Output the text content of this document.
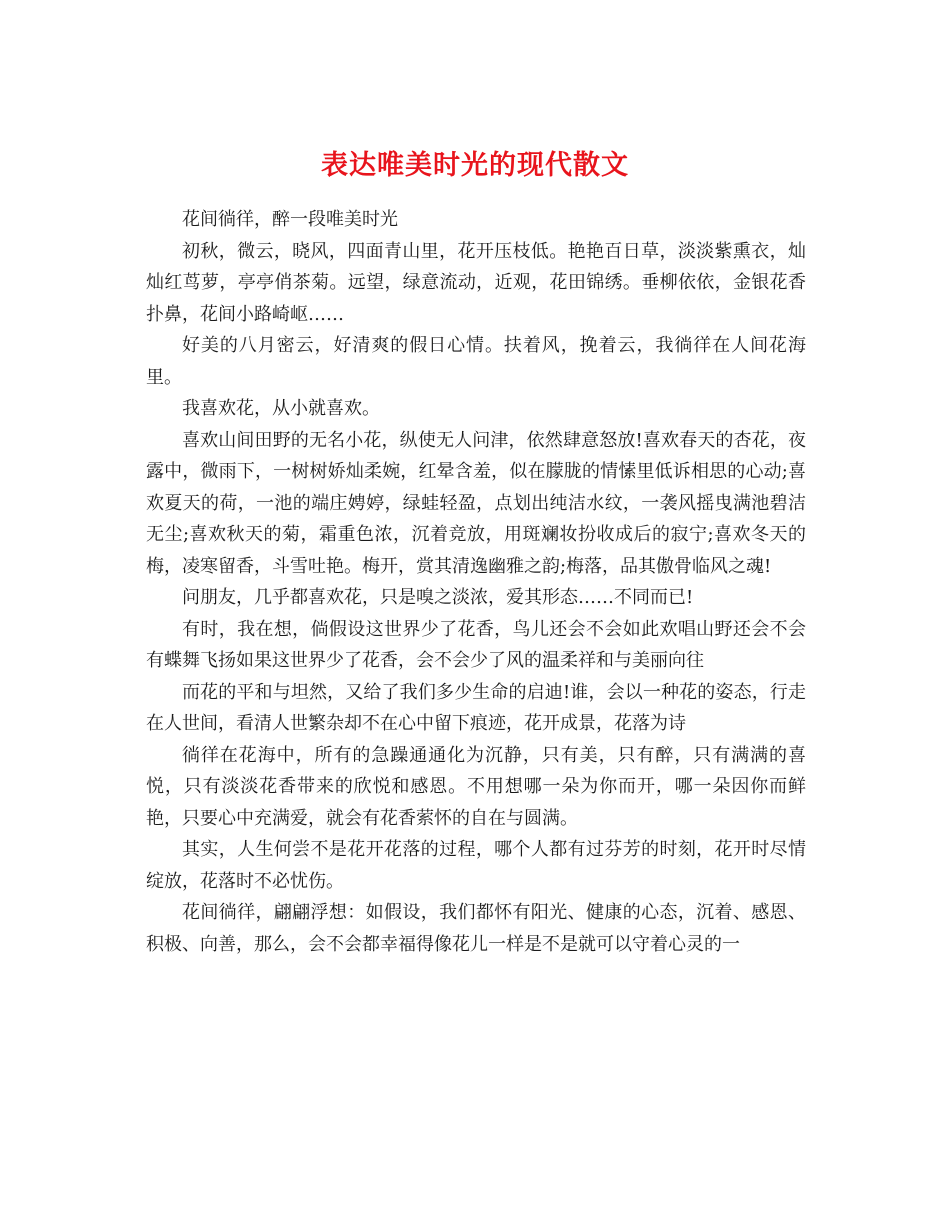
表达唯美时光的现代散文

花间徜徉，醉一段唯美时光

初秋，微云，晓风，四面青山里，花开压枝低。艳艳百日草，淡淡紫熏衣，灿灿红茑萝，亭亭俏茶菊。远望，绿意流动，近观，花田锦绣。垂柳依依，金银花香扑鼻，花间小路崎岖……

好美的八月密云，好清爽的假日心情。扶着风，挽着云，我徜徉在人间花海里。

我喜欢花，从小就喜欢。

喜欢山间田野的无名小花，纵使无人问津，依然肆意怒放!喜欢春天的杏花，夜露中，微雨下，一树树娇灿柔婉，红晕含羞，似在朦胧的情愫里低诉相思的心动;喜欢夏天的荷，一池的端庄娉婷，绿蛙轻盈，点划出纯洁水纹，一袭风摇曳满池碧洁无尘;喜欢秋天的菊，霜重色浓，沉着竞放，用斑斓妆扮收成后的寂宁;喜欢冬天的梅，凌寒留香，斗雪吐艳。梅开，赏其清逸幽雅之韵;梅落，品其傲骨临风之魂!

问朋友，几乎都喜欢花，只是嗅之淡浓，爱其形态……不同而已!

有时，我在想，倘假设这世界少了花香，鸟儿还会不会如此欢唱山野还会不会有蝶舞飞扬如果这世界少了花香，会不会少了风的温柔祥和与美丽向往

而花的平和与坦然，又给了我们多少生命的启迪!谁，会以一种花的姿态，行走在人世间，看清人世繁杂却不在心中留下痕迹，花开成景，花落为诗

徜徉在花海中，所有的急躁通通化为沉静，只有美，只有醉，只有满满的喜悦，只有淡淡花香带来的欣悦和感恩。不用想哪一朵为你而开，哪一朵因你而鲜艳，只要心中充满爱，就会有花香萦怀的自在与圆满。

其实，人生何尝不是花开花落的过程，哪个人都有过芬芳的时刻，花开时尽情绽放，花落时不必忧伤。

花间徜徉，翩翩浮想：如假设，我们都怀有阳光、健康的心态，沉着、感恩、积极、向善，那么，会不会都幸福得像花儿一样是不是就可以守着心灵的一
